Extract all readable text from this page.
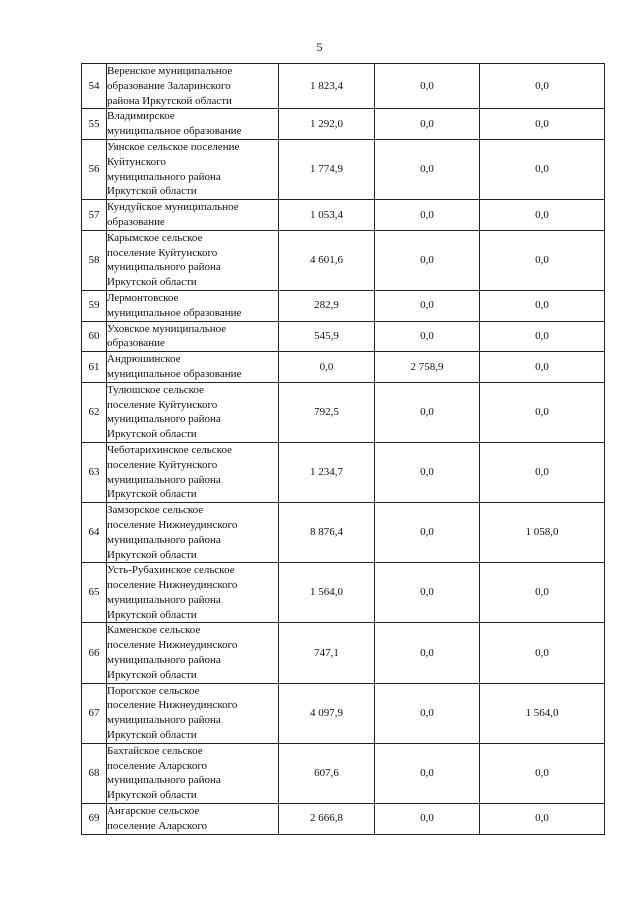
5
54	Веренское муниципальное
образование Заларинского
района Иркутской области	1 823,4	0,0	0,0
55	Владимирское
муниципальное образование	1 292,0	0,0	0,0
56	Уянское сельское поселение
Куйтунского
муниципального района
Иркутской области	1 774,9	0,0	0,0
57	Кундуйское муниципальное
образование	1 053,4	0,0	0,0
58	Карымское сельское
поселение Куйтунского
муниципального района
Иркутской области	4 601,6	0,0	0,0
59	Лермонтовское
муниципальное образование	282,9	0,0	0,0
60	Уховское муниципальное
образование	545,9	0,0	0,0
61	Андрюшинское
муниципальное образование	0,0	2 758,9	0,0
62	Тулюшское сельское
поселение Куйтунского
муниципального района
Иркутской области	792,5	0,0	0,0
63	Чеботарихинское сельское
поселение Куйтунского
муниципального района
Иркутской области	1 234,7	0,0	0,0
64	Замзорское сельское
поселение Нижнеудинского
муниципального района
Иркутской области	8 876,4	0,0	1 058,0
65	Усть-Рубахинское сельское
поселение Нижнеудинского
муниципального района
Иркутской области	1 564,0	0,0	0,0
66	Каменское сельское
поселение Нижнеудинского
муниципального района
Иркутской области	747,1	0,0	0,0
67	Порогское сельское
поселение Нижнеудинского
муниципального района
Иркутской области	4 097,9	0,0	1 564,0
68	Бахтайское сельское
поселение Аларского
муниципального района
Иркутской области	607,6	0,0	0,0
69	Ангарское сельское
поселение Аларского	2 666,8	0,0	0,0
